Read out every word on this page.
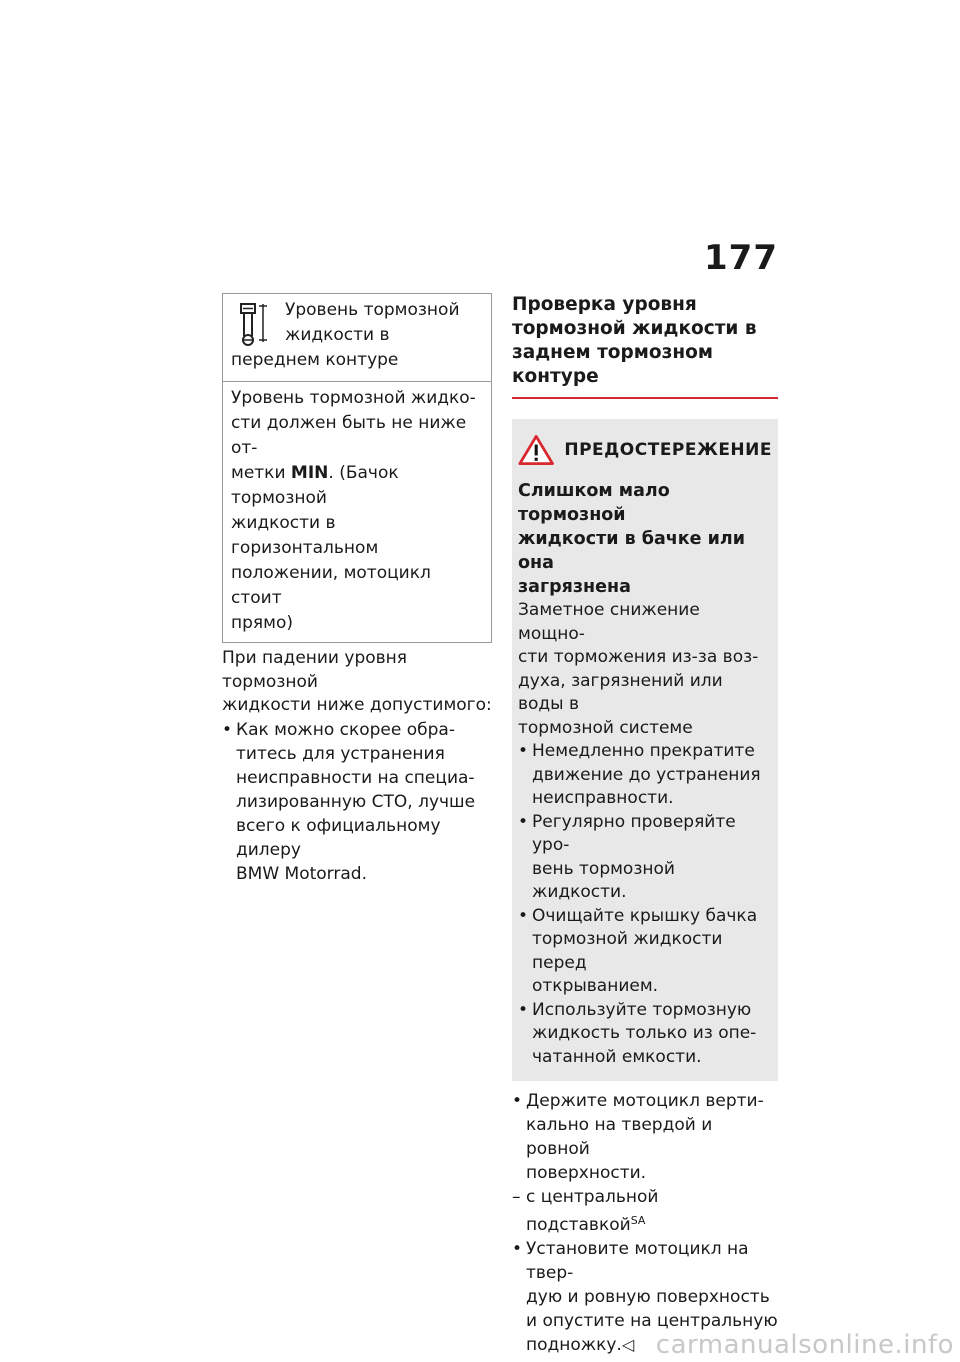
177
Уровень тормозной жидкости в переднем контуре
Уровень тормозной жидко-
сти должен быть не ниже от-
метки MIN. (Бачок тормозной
жидкости в горизонтальном
положении, мотоцикл стоит
прямо)
При падении уровня тормозной
жидкости ниже допустимого:
• Как можно скорее обра-
титесь для устранения
неисправности на специа-
лизированную СТО, лучше
всего к официальному дилеру
BMW Motorrad.
Проверка уровня
тормозной жидкости в
заднем тормозном контуре
ПРЕДОСТЕРЕЖЕНИЕ
Слишком мало тормозной
жидкости в бачке или она
загрязнена
Заметное снижение мощно-
сти торможения из-за воз-
духа, загрязнений или воды в
тормозной системе
• Немедленно прекратите
движение до устранения
неисправности.
• Регулярно проверяйте уро-
вень тормозной жидкости.
• Очищайте крышку бачка
тормозной жидкости перед
открыванием.
• Используйте тормозную
жидкость только из опе-
чатанной емкости.
• Держите мотоцикл верти-
кально на твердой и ровной
поверхности.
– с центральной подставкой$^{SA}$
• Установите мотоцикл на твер-
дую и ровную поверхность
и опустите на центральную
подножку.◁ carmanualsonline.info
